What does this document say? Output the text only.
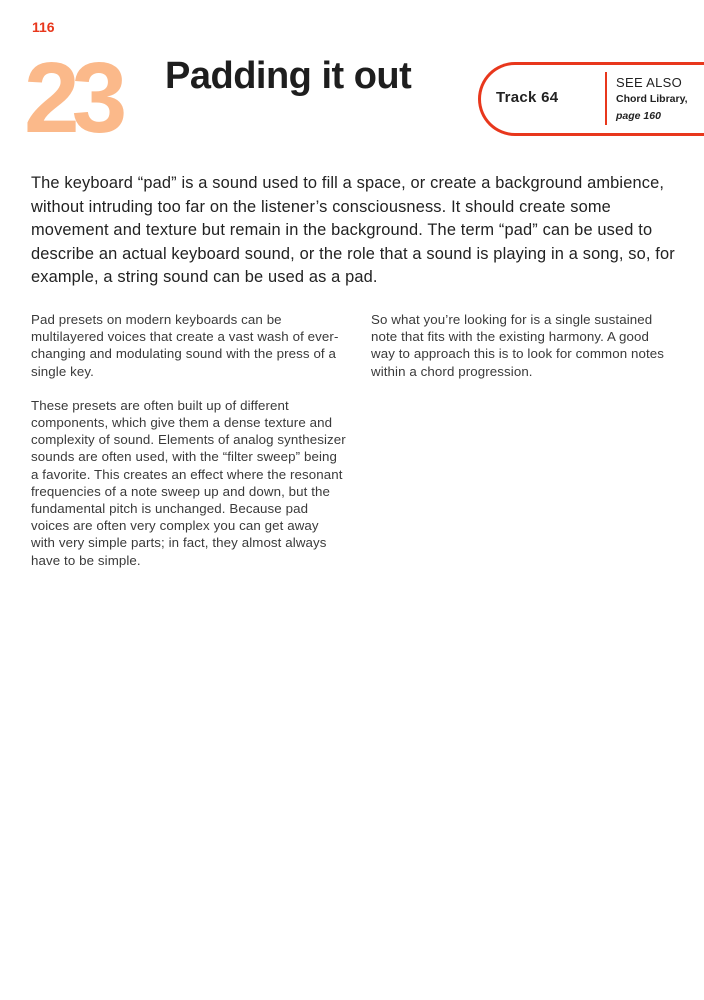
116
23 Padding it out
Track 64
SEE ALSO
Chord Library,
page 160
The keyboard “pad” is a sound used to fill a space, or create a background ambience, without intruding too far on the listener’s consciousness. It should create some movement and texture but remain in the background. The term “pad” can be used to describe an actual keyboard sound, or the role that a sound is playing in a song, so, for example, a string sound can be used as a pad.

Pad presets on modern keyboards can be multilayered voices that create a vast wash of ever-changing and modulating sound with the press of a single key.

These presets are often built up of different components, which give them a dense texture and complexity of sound. Elements of analog synthesizer sounds are often used, with the “filter sweep” being a favorite. This creates an effect where the resonant frequencies of a note sweep up and down, but the fundamental pitch is unchanged. Because pad voices are often very complex you can get away with very simple parts; in fact, they almost always have to be simple.

So what you’re looking for is a single sustained note that fits with the existing harmony. A good way to approach this is to look for common notes within a chord progression.
